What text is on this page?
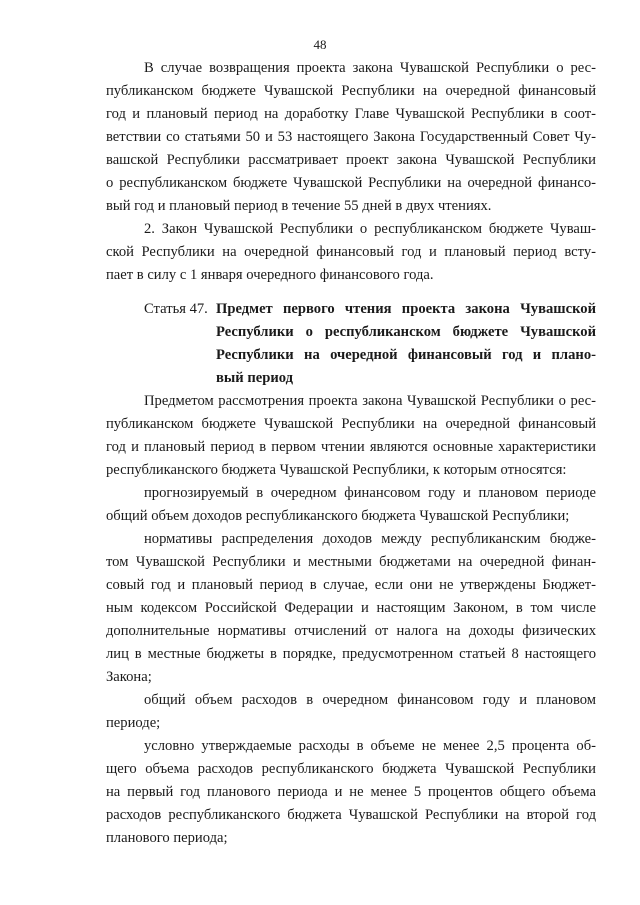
48
В случае возвращения проекта закона Чувашской Республики о рес-
публиканском бюджете Чувашской Республики на очередной финансовый
год и плановый период на доработку Главе Чувашской Республики в соот-
ветствии со статьями 50 и 53 настоящего Закона Государственный Совет Чу-
вашской Республики рассматривает проект закона Чувашской Республики
о республиканском бюджете Чувашской Республики на очередной финансо-
вый год и плановый период в течение 55 дней в двух чтениях.
2. Закон Чувашской Республики о республиканском бюджете Чуваш-
ской Республики на очередной финансовый год и плановый период всту-
пает в силу с 1 января очередного финансового года.
Статья 47. Предмет первого чтения проекта закона Чувашской
Республики о республиканском бюджете Чувашской
Республики на очередной финансовый год и плано-
вый период
Предметом рассмотрения проекта закона Чувашской Республики о рес-
публиканском бюджете Чувашской Республики на очередной финансовый
год и плановый период в первом чтении являются основные характеристики
республиканского бюджета Чувашской Республики, к которым относятся:
прогнозируемый в очередном финансовом году и плановом периоде
общий объем доходов республиканского бюджета Чувашской Республики;
нормативы распределения доходов между республиканским бюдже-
том Чувашской Республики и местными бюджетами на очередной финан-
совый год и плановый период в случае, если они не утверждены Бюджет-
ным кодексом Российской Федерации и настоящим Законом, в том числе
дополнительные нормативы отчислений от налога на доходы физических
лиц в местные бюджеты в порядке, предусмотренном статьей 8 настоящего
Закона;
общий объем расходов в очередном финансовом году и плановом
периоде;
условно утверждаемые расходы в объеме не менее 2,5 процента об-
щего объема расходов республиканского бюджета Чувашской Республики
на первый год планового периода и не менее 5 процентов общего объема
расходов республиканского бюджета Чувашской Республики на второй год
планового периода;
